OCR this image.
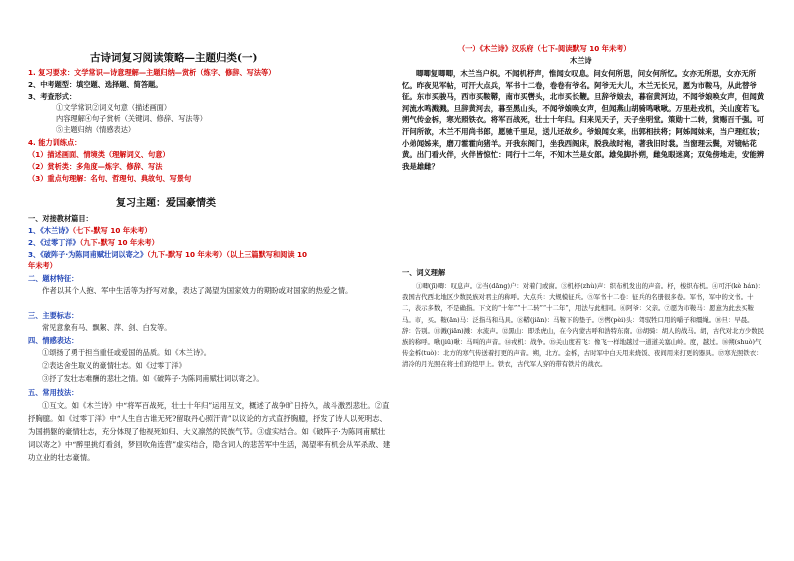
古诗词复习阅读策略—主题归类(一)
1. 复习要求：文学常识—诗意理解—主题归纳—赏析（炼字、修辞、写法等）
2、中考题型：填空题、选择题、简答题。
3、考查形式：
①文学常识②词义句意（描述画面）
内容理解④句子赏析（关键词、修辞、写法等）
⑤主题归纳（情感表达）
4. 能力训练点：
（1）描述画面、情境类（理解词义、句意）
（2）赏析类：多角度—炼字、修辞、写法
（3）重点句理解：名句、哲理句、典故句、写景句
复习主题：爱国豪情类
一、对接教材篇目：
1、《木兰诗》（七下-默写 10 年未考）
2、《过零丁洋》（九下-默写 10 年未考）
3、《破阵子·为陈同甫赋壮词以寄之》（九下-默写 10 年未考）（以上三篇默写和阅读 10
年未考）
二、题材特征：
作者以其个人抱、军中生活等为抒写对象，表达了渴望为国家效力的期盼或对国家的热爱之情。
三、主要标志：
常见意象有马、飘絮、萍、剑、白发等。
四、情感表达：
①颂扬了勇于担当重任或爱国的品质。如《木兰诗》。
②表达舍生取义的豪情壮志。如《过零丁洋》
③抒了发壮志难酬的悲壮之情。如《破阵子·为陈同甫赋壮词以寄之》。
五、常用技法：
①互文。如《木兰诗》中“将军百战死，壮士十年归”运用互文，概述了战争旷日持久，战斗激烈悲壮。②直抒胸臆。如《过零丁洋》中“人生自古谁无死?留取丹心照汗青”以议论的方式直抒胸臆，抒发了诗人以死明志、为国捐躯的豪情壮志，充分体现了他视死如归、大义凛然的民族气节。③虚实结合。如《破阵子·为陈同甫赋壮词以寄之》中“醉里挑灯看剑，梦回吹角连营”虚实结合，隐含词人的悲苦军中生活，渴望率有机会从军杀敌、建功立业的壮志豪情。
（一）《木兰诗》汉乐府（七下-阅读默写 10 年未考）
木兰诗
唧唧复唧唧，木兰当户织。不闻机杼声，惟闻女叹息。问女何所思，问女何所忆。女亦无所思，女亦无所忆。昨夜见军帖，可汗大点兵，军书十二卷，卷卷有爷名。阿爷无大儿，木兰无长兄，愿为市鞍马，从此替爷征。东市买骏马，西市买鞍鞯，南市买辔头，北市买长鞭。旦辞爷娘去，暮宿黄河边，不闻爷娘唤女声，但闻黄河流水鸣溅溅。旦辞黄河去，暮至黑山头，不闻爷娘唤女声，但闻燕山胡骑鸣啾啾。万里赴戎机，关山度若飞。朔气传金柝，寒光照铁衣。将军百战死，壮士十年归。归来见天子，天子坐明堂。策勋十二转，赏赐百千强。可汗问所欲，木兰不用尚书郎，愿驰千里足，送儿还故乡。爷娘闻女来，出郭相扶将；阿姊闻妹来，当户理红妆；小弟闻姊来，磨刀霍霍向猪羊。开我东阁门，坐我西阁床，脱我战时袍，著我旧时裳。当窗理云鬓，对镜帖花黄。出门看火伴，火伴皆惊忙：同行十二年，不知木兰是女郎。雄兔脚扑朔，雌兔眼迷离；双兔傍地走，安能辨我是雄雌？
一、词义理解
①唧(jī)唧：叹息声。②当(dāng)户：对着门或窗。③机杼(zhù)声：织布机发出的声音。杼，梭织布机。④可汗(kè hán)：我国古代西北地区少数民族对君主的称呼。大点兵：大规模征兵。⑤军书十二卷：征兵的名册很多卷。军书，军中的文书。十二，表示多数，不是确指。下文的“十年”“十二转”“十二年”，用法与此相同。⑥阿爷：父亲。⑦愿为市鞍马：愿意为此去买鞍马。市，买。鞍(ān)马：泛指马和马具。⑧鞯(jiān)：马鞍下的垫子。⑨辔(pèi)头：驾驭牲口用的嚼子和缰绳。⑩旦：早晨。辞：告别。⑪溅(jiān)溅：水流声。⑫黑山：即杀虎山，在今内蒙古呼和浩特东南。⑬胡骑：胡人的战马。胡，古代对北方少数民族的称呼。啾(jiū)啾：马叫的声音。⑭戎机：战争。⑮关山度若飞：像飞一样地越过一道道关塞山岭。度，越过。⑯朔(shuò)气传金柝(tuò)：北方的寒气传送着打更的声音。朔，北方。金柝，古时军中白天用来烧饭、夜间用来打更的器具。⑰寒光照铁衣：清冷的月光照在将士们的铠甲上。铁衣，古代军人穿的带有铁片的战衣。
